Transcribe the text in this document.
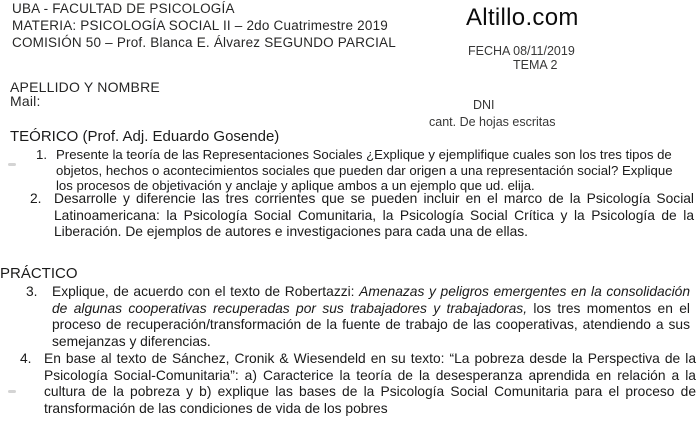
UBA - FACULTAD DE PSICOLOGÍA
MATERIA: PSICOLOGÍA SOCIAL II – 2do Cuatrimestre 2019
COMISIÓN 50 – Prof. Blanca E. Álvarez SEGUNDO PARCIAL
Altillo.com
FECHA 08/11/2019
TEMA 2
APELLIDO Y NOMBRE
Mail:	DNI
cant. De hojas escritas
TEÓRICO (Prof. Adj. Eduardo Gosende)
1. Presente la teoría de las Representaciones Sociales ¿Explique y ejemplifique cuales son los tres tipos de objetos, hechos o acontecimientos sociales que pueden dar origen a una representación social? Explique los procesos de objetivación y anclaje y aplique ambos a un ejemplo que ud. elija.
2. Desarrolle y diferencie las tres corrientes que se pueden incluir en el marco de la Psicología Social Latinoamericana: la Psicología Social Comunitaria, la Psicología Social Crítica y la Psicología de la Liberación. De ejemplos de autores e investigaciones para cada una de ellas.
PRÁCTICO
3. Explique, de acuerdo con el texto de Robertazzi: Amenazas y peligros emergentes en la consolidación de algunas cooperativas recuperadas por sus trabajadores y trabajadoras, los tres momentos en el proceso de recuperación/transformación de la fuente de trabajo de las cooperativas, atendiendo a sus semejanzas y diferencias.
4. En base al texto de Sánchez, Cronik & Wiesendeld en su texto: “La pobreza desde la Perspectiva de la Psicología Social-Comunitaria”: a) Caracterice la teoría de la desesperanza aprendida en relación a la cultura de la pobreza y b) explique las bases de la Psicología Social Comunitaria para el proceso de transformación de las condiciones de vida de los pobres
